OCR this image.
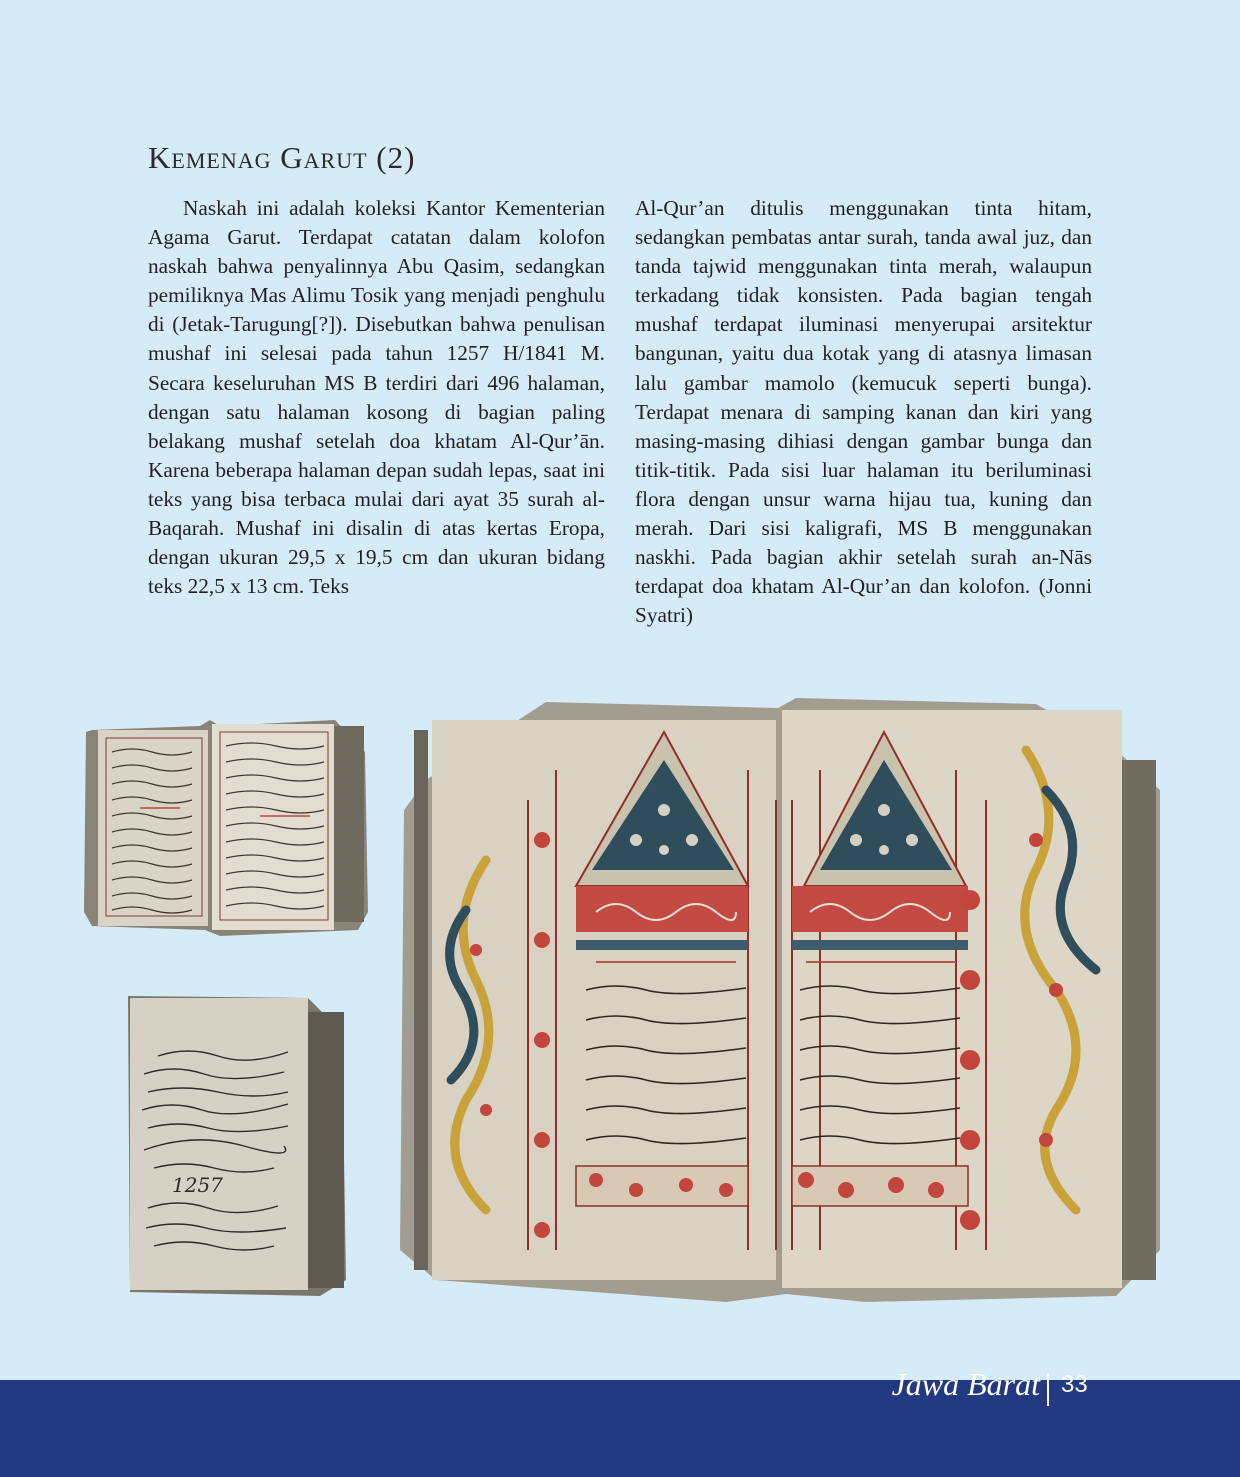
Kemenag Garut (2)

Naskah ini adalah koleksi Kantor Kementerian Agama Garut. Terdapat catatan dalam kolofon naskah bahwa penyalinnya Abu Qasim, sedangkan pemiliknya Mas Alimu Tosik yang menjadi penghulu di (Jetak-Tarugung[?]). Disebutkan bahwa penulisan mushaf ini selesai pada tahun 1257 H/1841 M. Secara keseluruhan MS B terdiri dari 496 halaman, dengan satu halaman kosong di bagian paling belakang mushaf setelah doa khatam Al-Qur’ān. Karena beberapa halaman depan sudah lepas, saat ini teks yang bisa terbaca mulai dari ayat 35 surah al-Baqarah. Mushaf ini disalin di atas kertas Eropa, dengan ukuran 29,5 x 19,5 cm dan ukuran bidang teks 22,5 x 13 cm. Teks

Al-Qur’an ditulis menggunakan tinta hitam, sedangkan pembatas antar surah, tanda awal juz, dan tanda tajwid menggunakan tinta merah, walaupun terkadang tidak konsisten. Pada bagian tengah mushaf terdapat iluminasi menyerupai arsitektur bangunan, yaitu dua kotak yang di atasnya limasan lalu gambar mamolo (kemucuk seperti bunga). Terdapat menara di samping kanan dan kiri yang masing-masing dihiasi dengan gambar bunga dan titik-titik. Pada sisi luar halaman itu beriluminasi flora dengan unsur warna hijau tua, kuning dan merah. Dari sisi kaligrafi, MS B menggunakan naskhi. Pada bagian akhir setelah surah an-Nās terdapat doa khatam Al-Qur’an dan kolofon. (Jonni Syatri)

1257
Jawa Barat 33
